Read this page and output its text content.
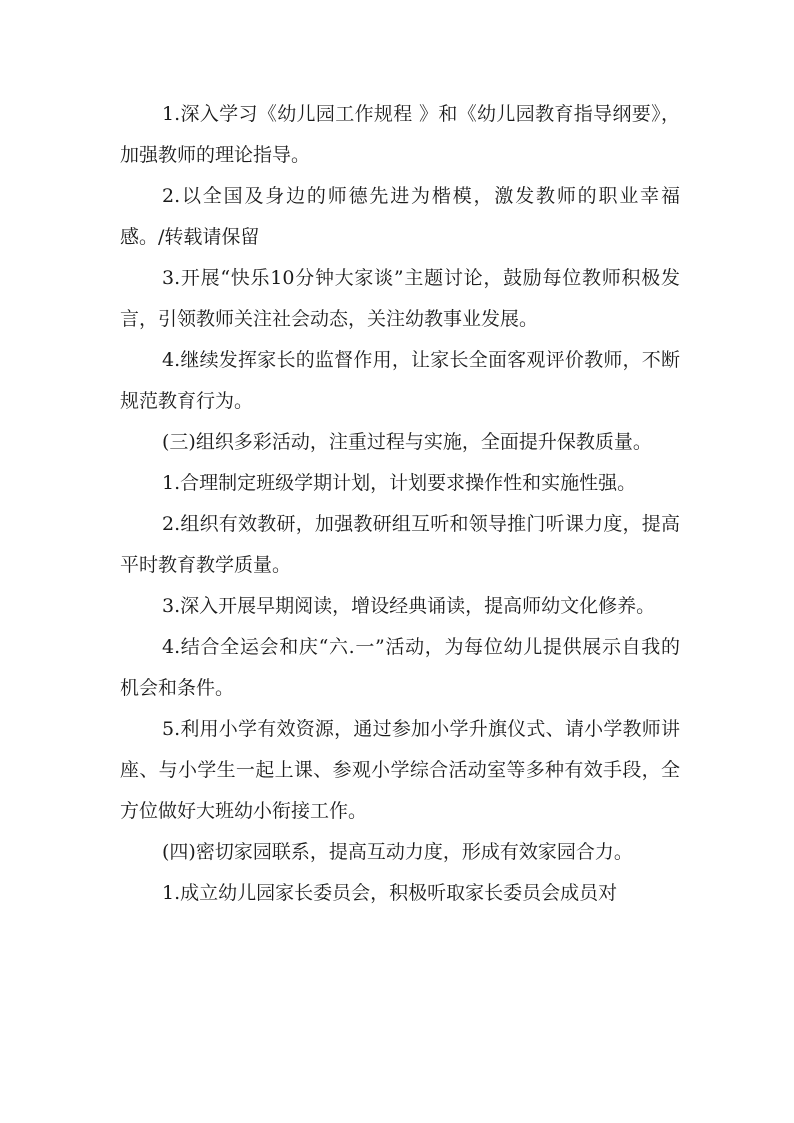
1.深入学习《幼儿园工作规程 》和《幼儿园教育指导纲要》，加强教师的理论指导。

2.以全国及身边的师德先进为楷模，激发教师的职业幸福感。/转载请保留

3.开展“快乐10分钟大家谈”主题讨论，鼓励每位教师积极发言，引领教师关注社会动态，关注幼教事业发展。

4.继续发挥家长的监督作用，让家长全面客观评价教师，不断规范教育行为。

(三)组织多彩活动，注重过程与实施，全面提升保教质量。

1.合理制定班级学期计划，计划要求操作性和实施性强。

2.组织有效教研，加强教研组互听和领导推门听课力度，提高平时教育教学质量。

3.深入开展早期阅读，增设经典诵读，提高师幼文化修养。

4.结合全运会和庆“六.一”活动，为每位幼儿提供展示自我的机会和条件。

5.利用小学有效资源，通过参加小学升旗仪式、请小学教师讲座、与小学生一起上课、参观小学综合活动室等多种有效手段，全方位做好大班幼小衔接工作。

(四)密切家园联系，提高互动力度，形成有效家园合力。

1.成立幼儿园家长委员会，积极听取家长委员会成员对
